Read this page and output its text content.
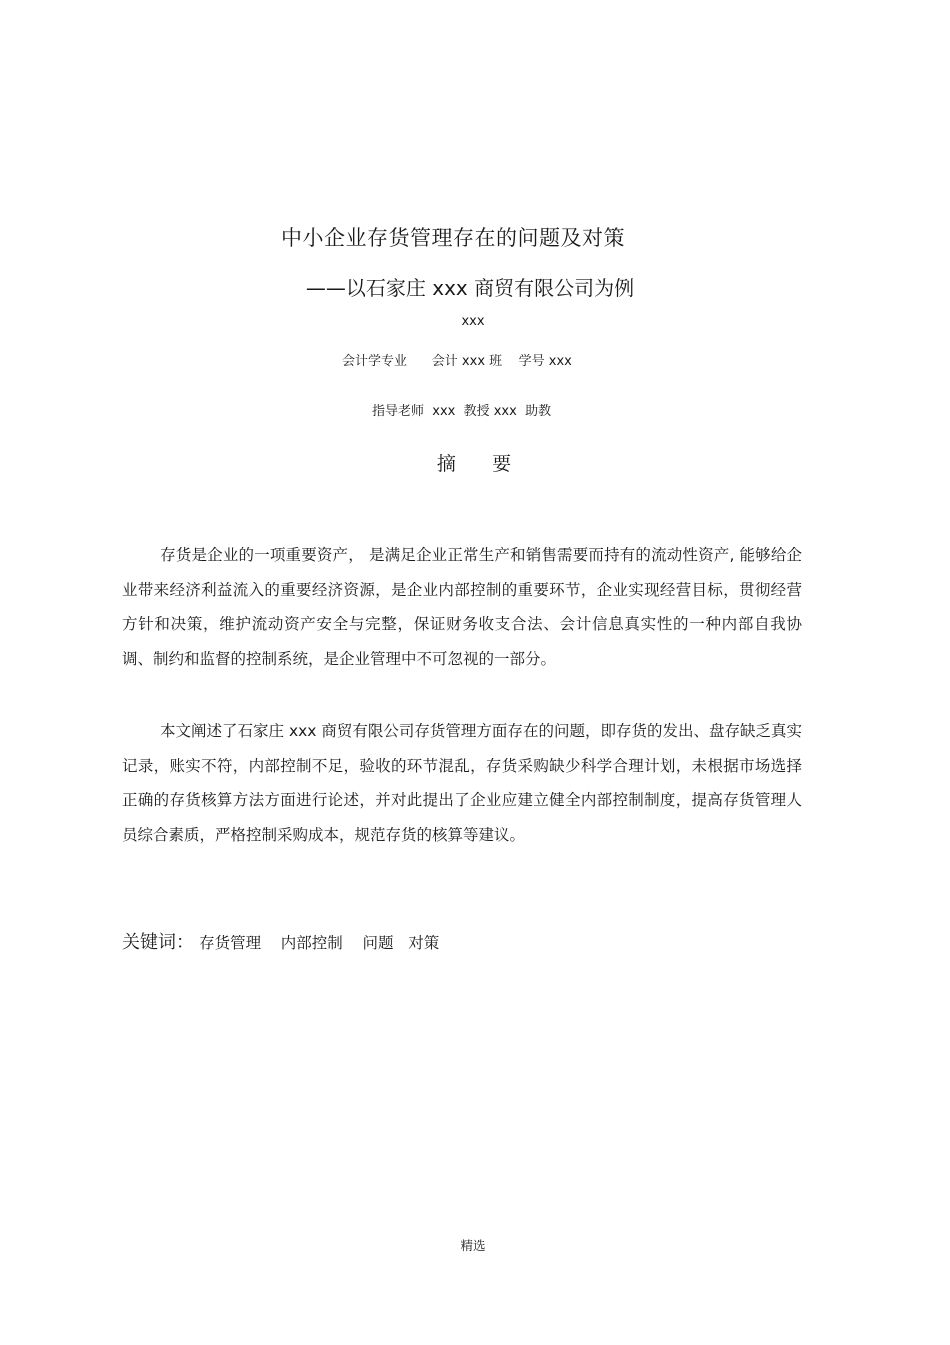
中小企业存货管理存在的问题及对策
——以石家庄 xxx 商贸有限公司为例
xxx
会计学专业      会计 xxx 班    学号 xxx
指导老师  xxx  教授 xxx  助教
摘      要
存货是企业的一项重要资产， 是满足企业正常生产和销售需要而持有的流动性资产, 能够给企业带来经济利益流入的重要经济资源，是企业内部控制的重要环节，企业实现经营目标，贯彻经营方针和决策，维护流动资产安全与完整，保证财务收支合法、会计信息真实性的一种内部自我协调、制约和监督的控制系统，是企业管理中不可忽视的一部分。
本文阐述了石家庄 xxx 商贸有限公司存货管理方面存在的问题，即存货的发出、盘存缺乏真实记录，账实不符，内部控制不足，验收的环节混乱，存货采购缺少科学合理计划，未根据市场选择正确的存货核算方法方面进行论述，并对此提出了企业应建立健全内部控制制度，提高存货管理人员综合素质，严格控制采购成本，规范存货的核算等建议。
关键词： 存货管理    内部控制    问题   对策
精选
